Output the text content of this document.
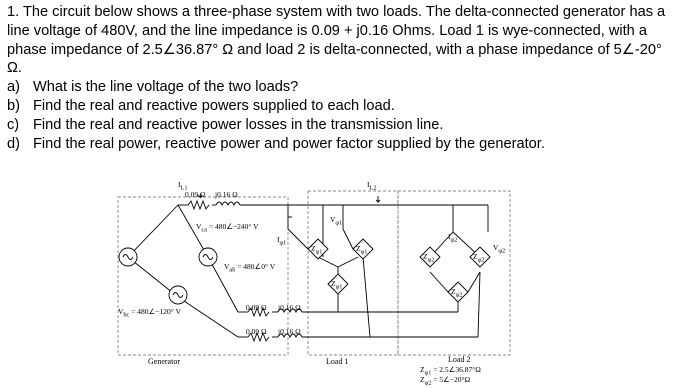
1. The circuit below shows a three-phase system with two loads. The delta-connected generator has a line voltage of 480V, and the line impedance is 0.09 + j0.16 Ohms. Load 1 is wye-connected, with a phase impedance of 2.5∠36.87° Ω and load 2 is delta-connected, with a phase impedance of 5∠-20° Ω.

a) What is the line voltage of the two loads?
b) Find the real and reactive powers supplied to each load.
c) Find the real and reactive power losses in the transmission line.
d) Find the real power, reactive power and power factor supplied by the generator.
$I_{L1}$
0.09 Ω j0.16 Ω
$I_{L2}$
$V_{ca}$ = 480∠−240° V
$V_{ab}$ = 480∠0° V
$V_{bc}$ = 480∠−120° V	0.09 Ω j0.16 Ω
0.09 Ω j0.16 Ω
$I_{\varphi 1}$
$V_{\varphi 1}$
$Z_{\varphi 1}$	$Z_{\varphi 1}$
$Z_{\varphi 1}$
$I_{\varphi 2}$
$V_{\varphi 2}$
$Z_{\varphi 2}$	$Z_{\varphi 2}$
$Z_{\varphi 2}$
Generator	Load 1	Load 2
$Z_{\varphi 1}$ = 2.5∠36.87°Ω
$Z_{\varphi 2}$ = 5∠−20°Ω
